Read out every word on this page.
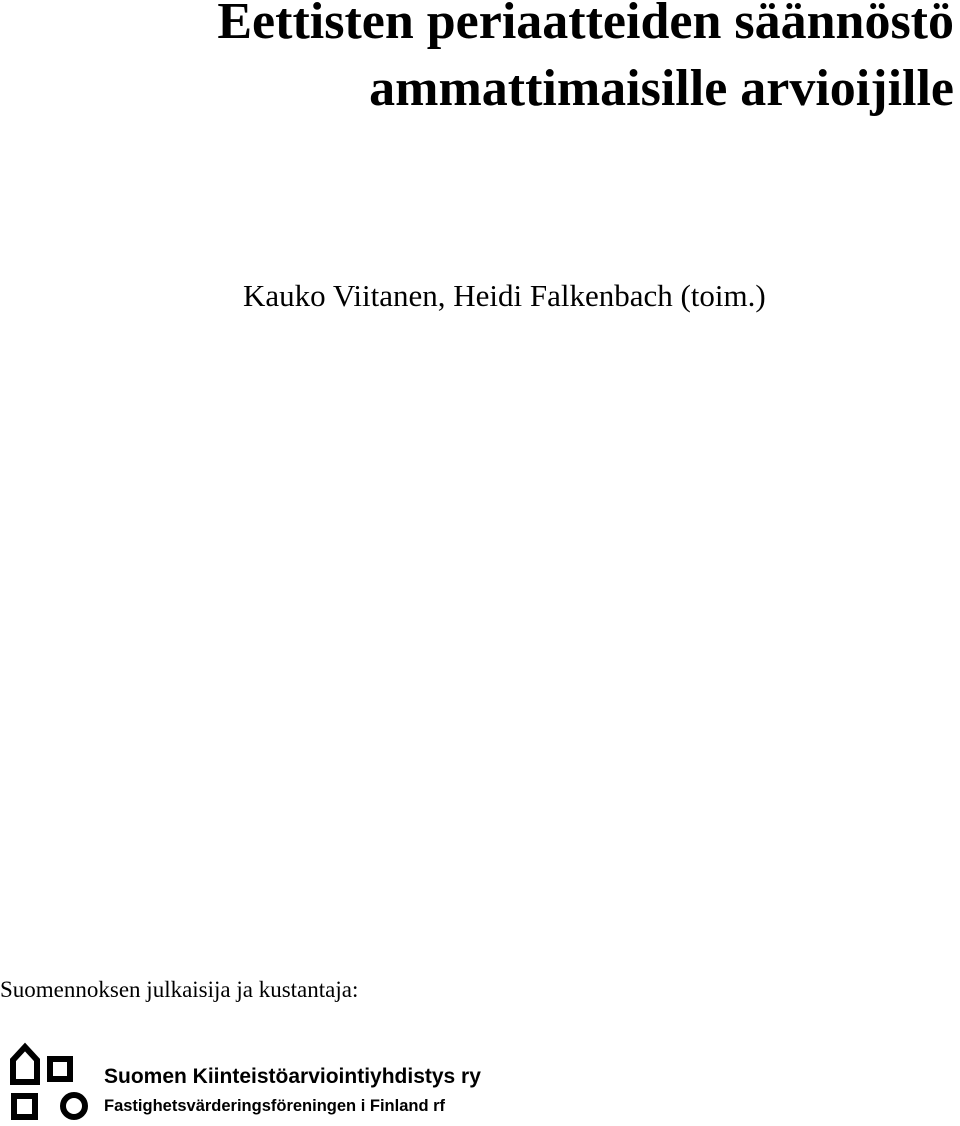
Eettisten periaatteiden säännöstö
ammattimaisille arvioijille

Kauko Viitanen, Heidi Falkenbach (toim.)

Suomennoksen julkaisija ja kustantaja:

Suomen Kiinteistöarviointiyhdistys ry

Fastighetsvärderingsföreningen i Finland rf
